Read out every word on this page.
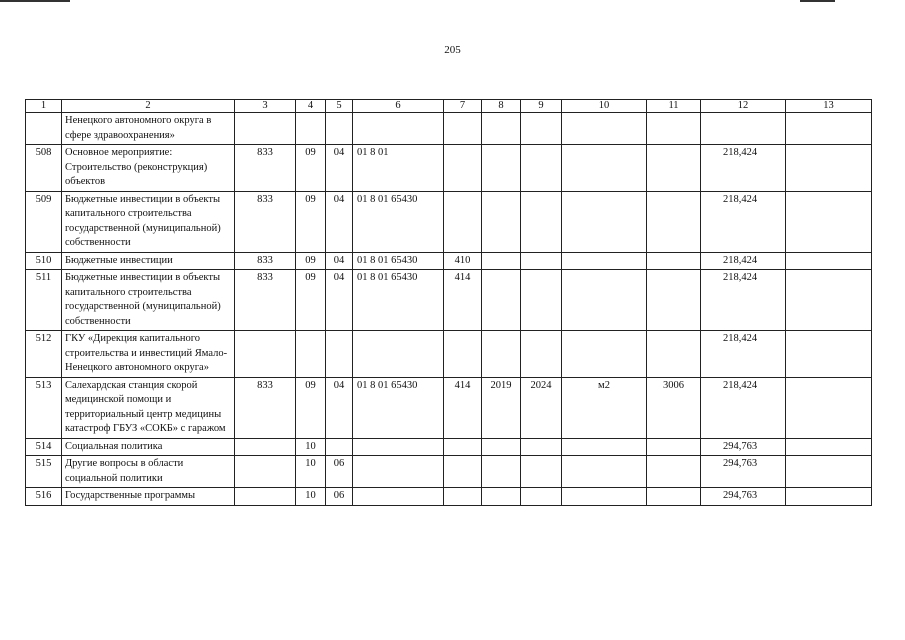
205
1	2	3	4	5	6	7	8	9	10	11	12	13
	Ненецкого автономного округа в сфере здравоохранения»											
508	Основное мероприятие: Строительство (реконструкция) объектов	833	09	04	01 8 01						218,424	
509	Бюджетные инвестиции в объекты капитального строительства государственной (муниципальной) собственности	833	09	04	01 8 01 65430						218,424	
510	Бюджетные инвестиции	833	09	04	01 8 01 65430	410					218,424	
511	Бюджетные инвестиции в объекты капитального строительства государственной (муниципальной) собственности	833	09	04	01 8 01 65430	414					218,424	
512	ГКУ «Дирекция капитального строительства и инвестиций Ямало-Ненецкого автономного округа»										218,424	
513	Салехардская станция скорой медицинской помощи и территориальный центр медицины катастроф ГБУЗ «СОКБ» с гаражом	833	09	04	01 8 01 65430	414	2019	2024	м2	3006	218,424	
514	Социальная политика		10								294,763	
515	Другие вопросы в области социальной политики		10	06							294,763	
516	Государственные программы		10	06							294,763	
